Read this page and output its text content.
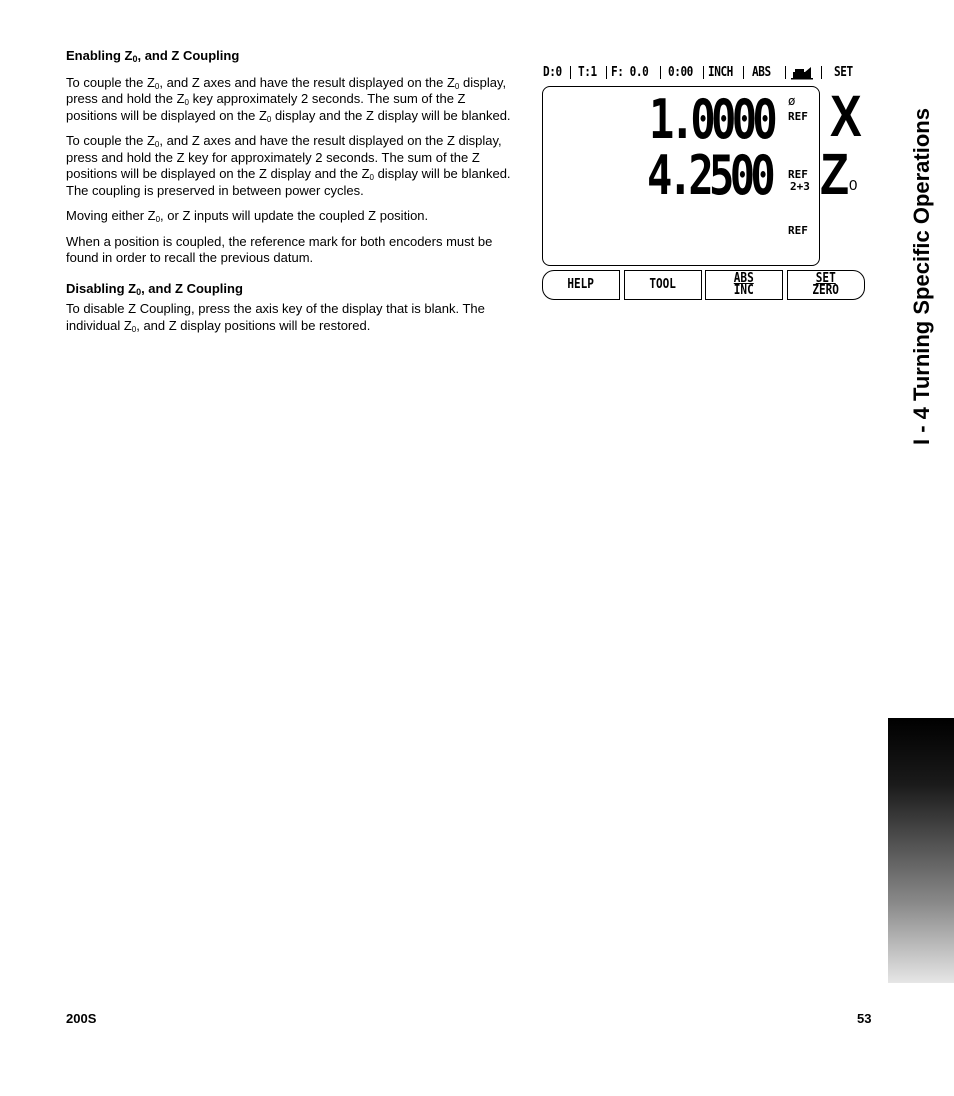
Enabling $Z_0$, and Z Coupling

To couple the $Z_0$, and Z axes and have the result displayed on the $Z_0$ display, press and hold the $Z_0$ key approximately 2 seconds. The sum of the Z positions will be displayed on the $Z_0$ display and the Z display will be blanked.

To couple the $Z_0$, and Z axes and have the result displayed on the Z display, press and hold the Z key for approximately 2 seconds. The sum of the Z positions will be displayed on the Z display and the $Z_0$ display will be blanked. The coupling is preserved in between power cycles.

Moving either $Z_0$, or Z inputs will update the coupled Z position.

When a position is coupled, the reference mark for both encoders must be found in order to recall the previous datum.

Disabling $Z_0$, and Z Coupling

To disable Z Coupling, press the axis key of the display that is blank. The individual $Z_0$, and Z display positions will be restored.

D:0 T:1 F: 0.0 0:00 INCH ABS	SET
1.0000 ø
REF
4.2500 REF
2+3
REF
X
Z 0
HELP	TOOL	ABS
INC
SET
ZERO	I - 4 Turning Specific Operations
200S	53
